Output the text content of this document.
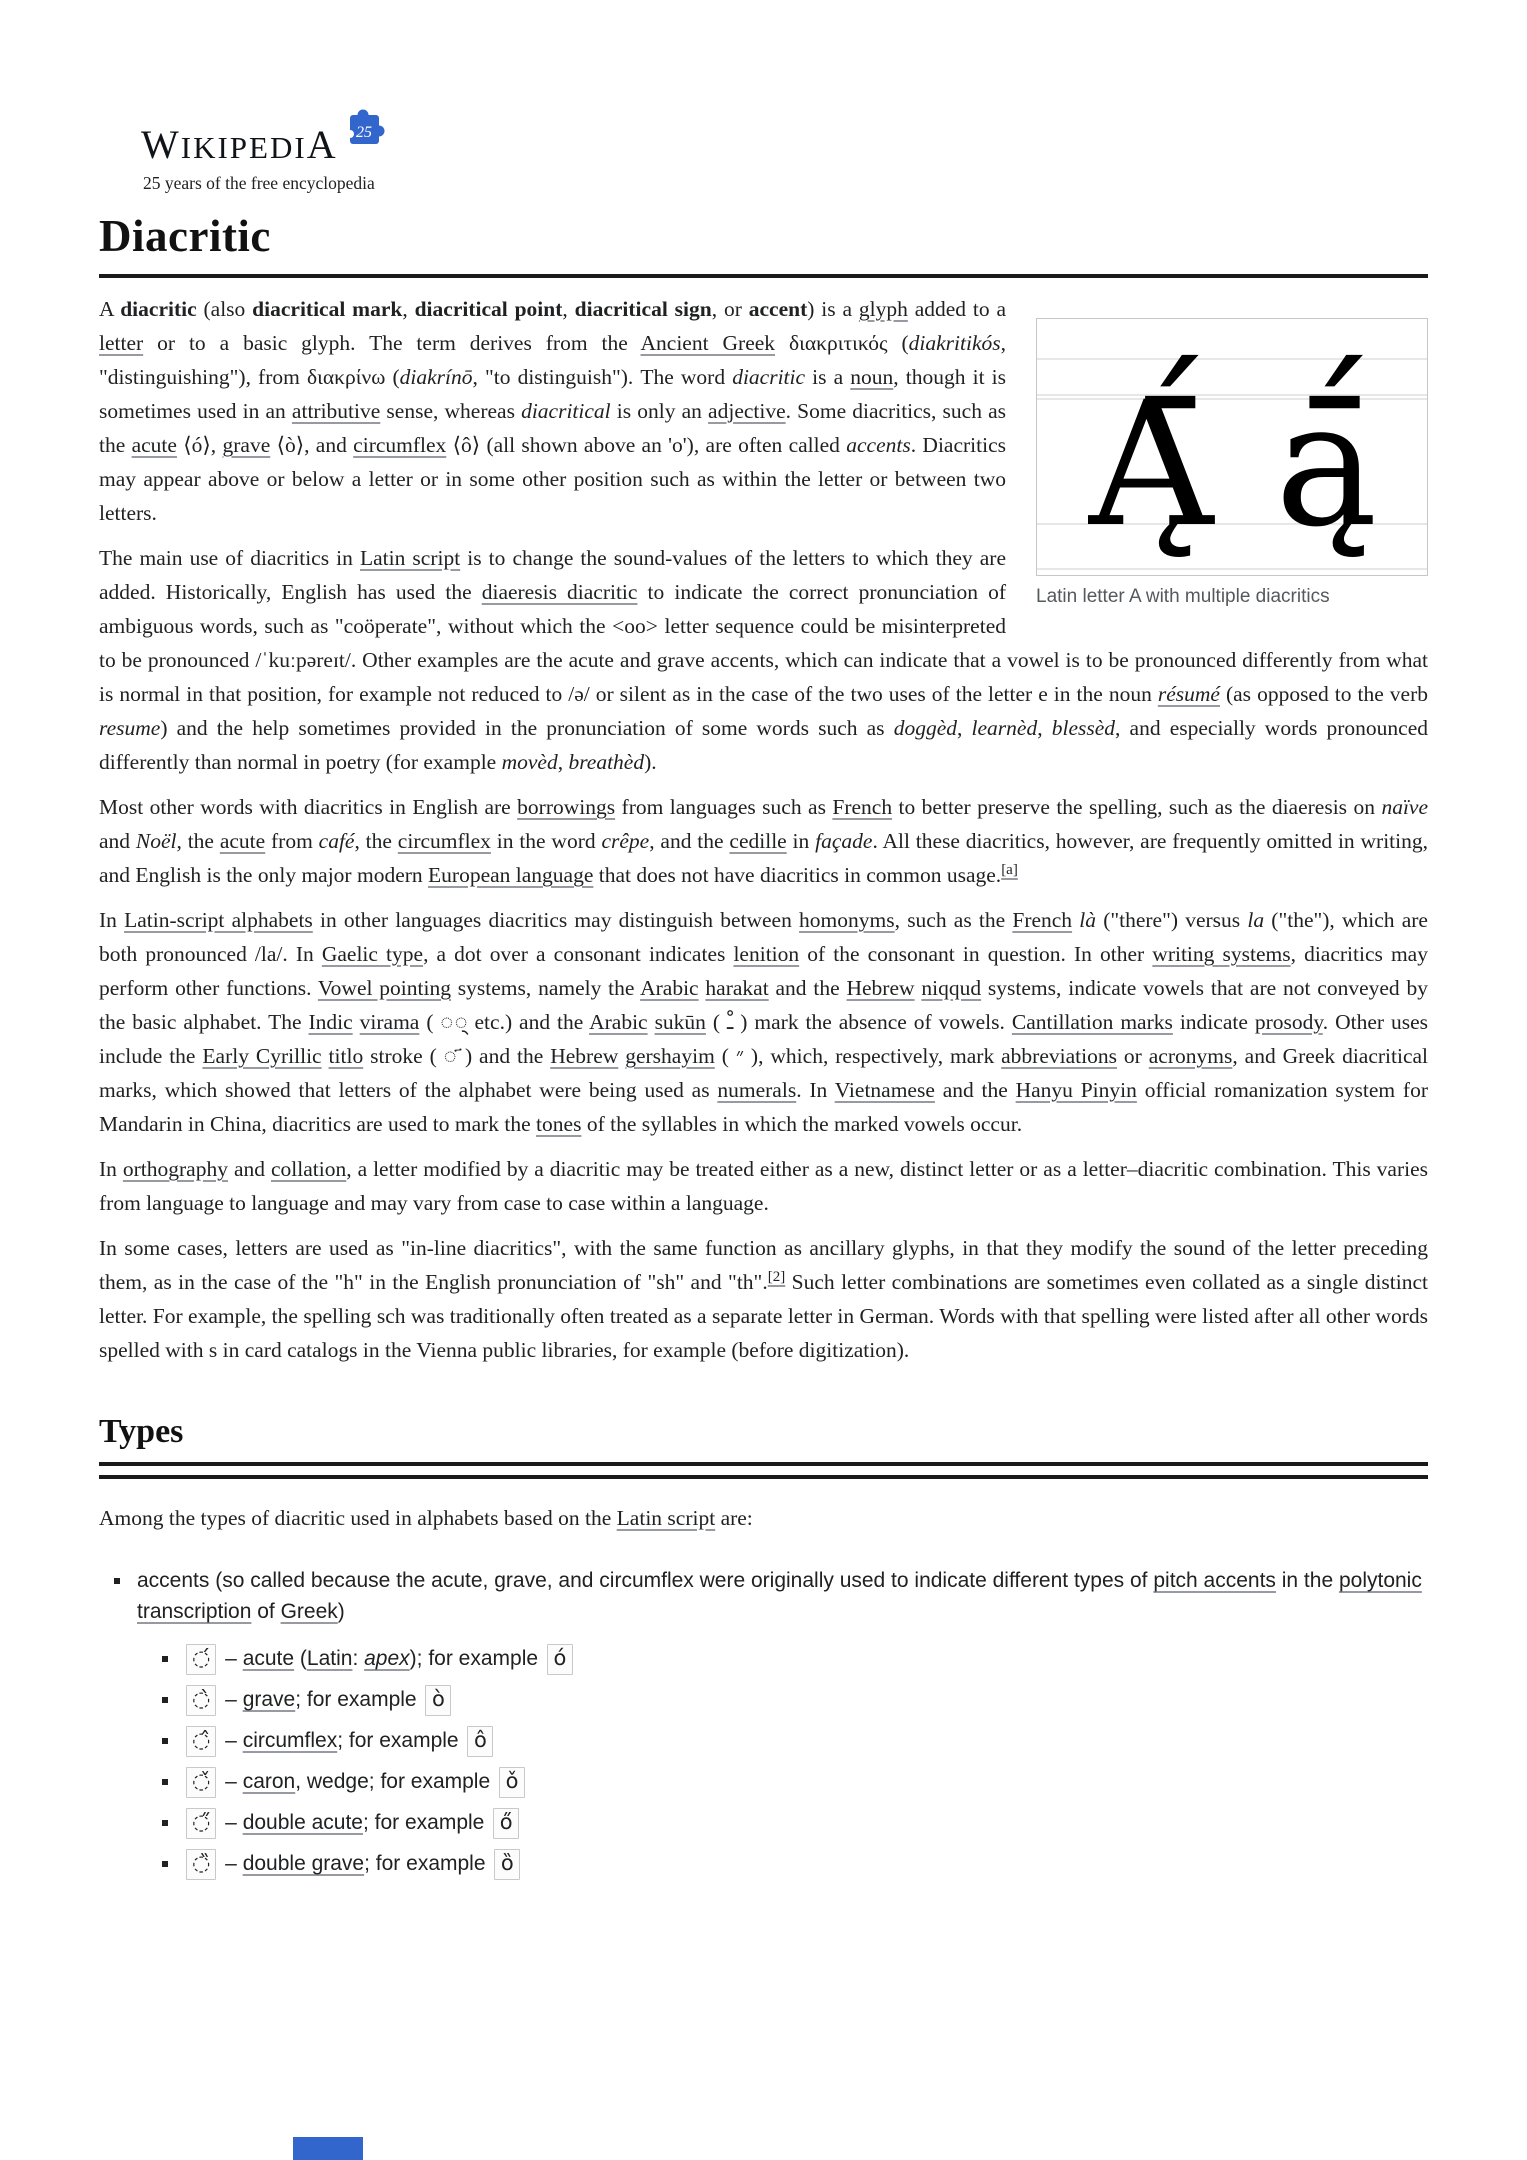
WIKIPEDIA 25
25 years of the free encyclopedia
Diacritic
Ą̄́ ą̄́
Latin letter A with multiple diacritics

A diacritic (also diacritical mark, diacritical point, diacritical sign, or accent) is a glyph added to a letter or to a basic glyph. The term derives from the Ancient Greek διακριτικός (diakritikós, "distinguishing"), from διακρίνω (diakrínō, "to distinguish"). The word diacritic is a noun, though it is sometimes used in an attributive sense, whereas diacritical is only an adjective. Some diacritics, such as the acute ⟨ó⟩, grave ⟨ò⟩, and circumflex ⟨ô⟩ (all shown above an 'o'), are often called accents. Diacritics may appear above or below a letter or in some other position such as within the letter or between two letters.

The main use of diacritics in Latin script is to change the sound-values of the letters to which they are added. Historically, English has used the diaeresis diacritic to indicate the correct pronunciation of ambiguous words, such as "coöperate", without which the <oo> letter sequence could be misinterpreted to be pronounced /ˈkuːpəreɪt/. Other examples are the acute and grave accents, which can indicate that a vowel is to be pronounced differently from what is normal in that position, for example not reduced to /ə/ or silent as in the case of the two uses of the letter e in the noun résumé (as opposed to the verb resume) and the help sometimes provided in the pronunciation of some words such as doggèd, learnèd, blessèd, and especially words pronounced differently than normal in poetry (for example movèd, breathèd).

Most other words with diacritics in English are borrowings from languages such as French to better preserve the spelling, such as the diaeresis on naïve and Noël, the acute from café, the circumflex in the word crêpe, and the cedille in façade. All these diacritics, however, are frequently omitted in writing, and English is the only major modern European language that does not have diacritics in common usage.[a]

In Latin-script alphabets in other languages diacritics may distinguish between homonyms, such as the French là ("there") versus la ("the"), which are both pronounced /la/. In Gaelic type, a dot over a consonant indicates lenition of the consonant in question. In other writing systems, diacritics may perform other functions. Vowel pointing systems, namely the Arabic harakat and the Hebrew niqqud systems, indicate vowels that are not conveyed by the basic alphabet. The Indic virama ( ◌् etc.) and the Arabic sukūn ( ـْ ) mark the absence of vowels. Cantillation marks indicate prosody. Other uses include the Early Cyrillic titlo stroke ( ◌҃ ) and the Hebrew gershayim ( ״ ), which, respectively, mark abbreviations or acronyms, and Greek diacritical marks, which showed that letters of the alphabet were being used as numerals. In Vietnamese and the Hanyu Pinyin official romanization system for Mandarin in China, diacritics are used to mark the tones of the syllables in which the marked vowels occur.

In orthography and collation, a letter modified by a diacritic may be treated either as a new, distinct letter or as a letter–diacritic combination. This varies from language to language and may vary from case to case within a language.

In some cases, letters are used as "in-line diacritics", with the same function as ancillary glyphs, in that they modify the sound of the letter preceding them, as in the case of the "h" in the English pronunciation of "sh" and "th".[2] Such letter combinations are sometimes even collated as a single distinct letter. For example, the spelling sch was traditionally often treated as a separate letter in German. Words with that spelling were listed after all other words spelled with s in card catalogs in the Vienna public libraries, for example (before digitization).

Types

Among the types of diacritic used in alphabets based on the Latin script are:

▪ accents (so called because the acute, grave, and circumflex were originally used to indicate different types of pitch accents in the polytonic transcription of Greek)
▪ ◌́ – acute (Latin: apex); for example ó
▪ ◌̀ – grave; for example ò
▪ ◌̂ – circumflex; for example ô
▪ ◌̌ – caron, wedge; for example ǒ
▪ ◌̋ – double acute; for example ő
▪ ◌̏ – double grave; for example ȍ
